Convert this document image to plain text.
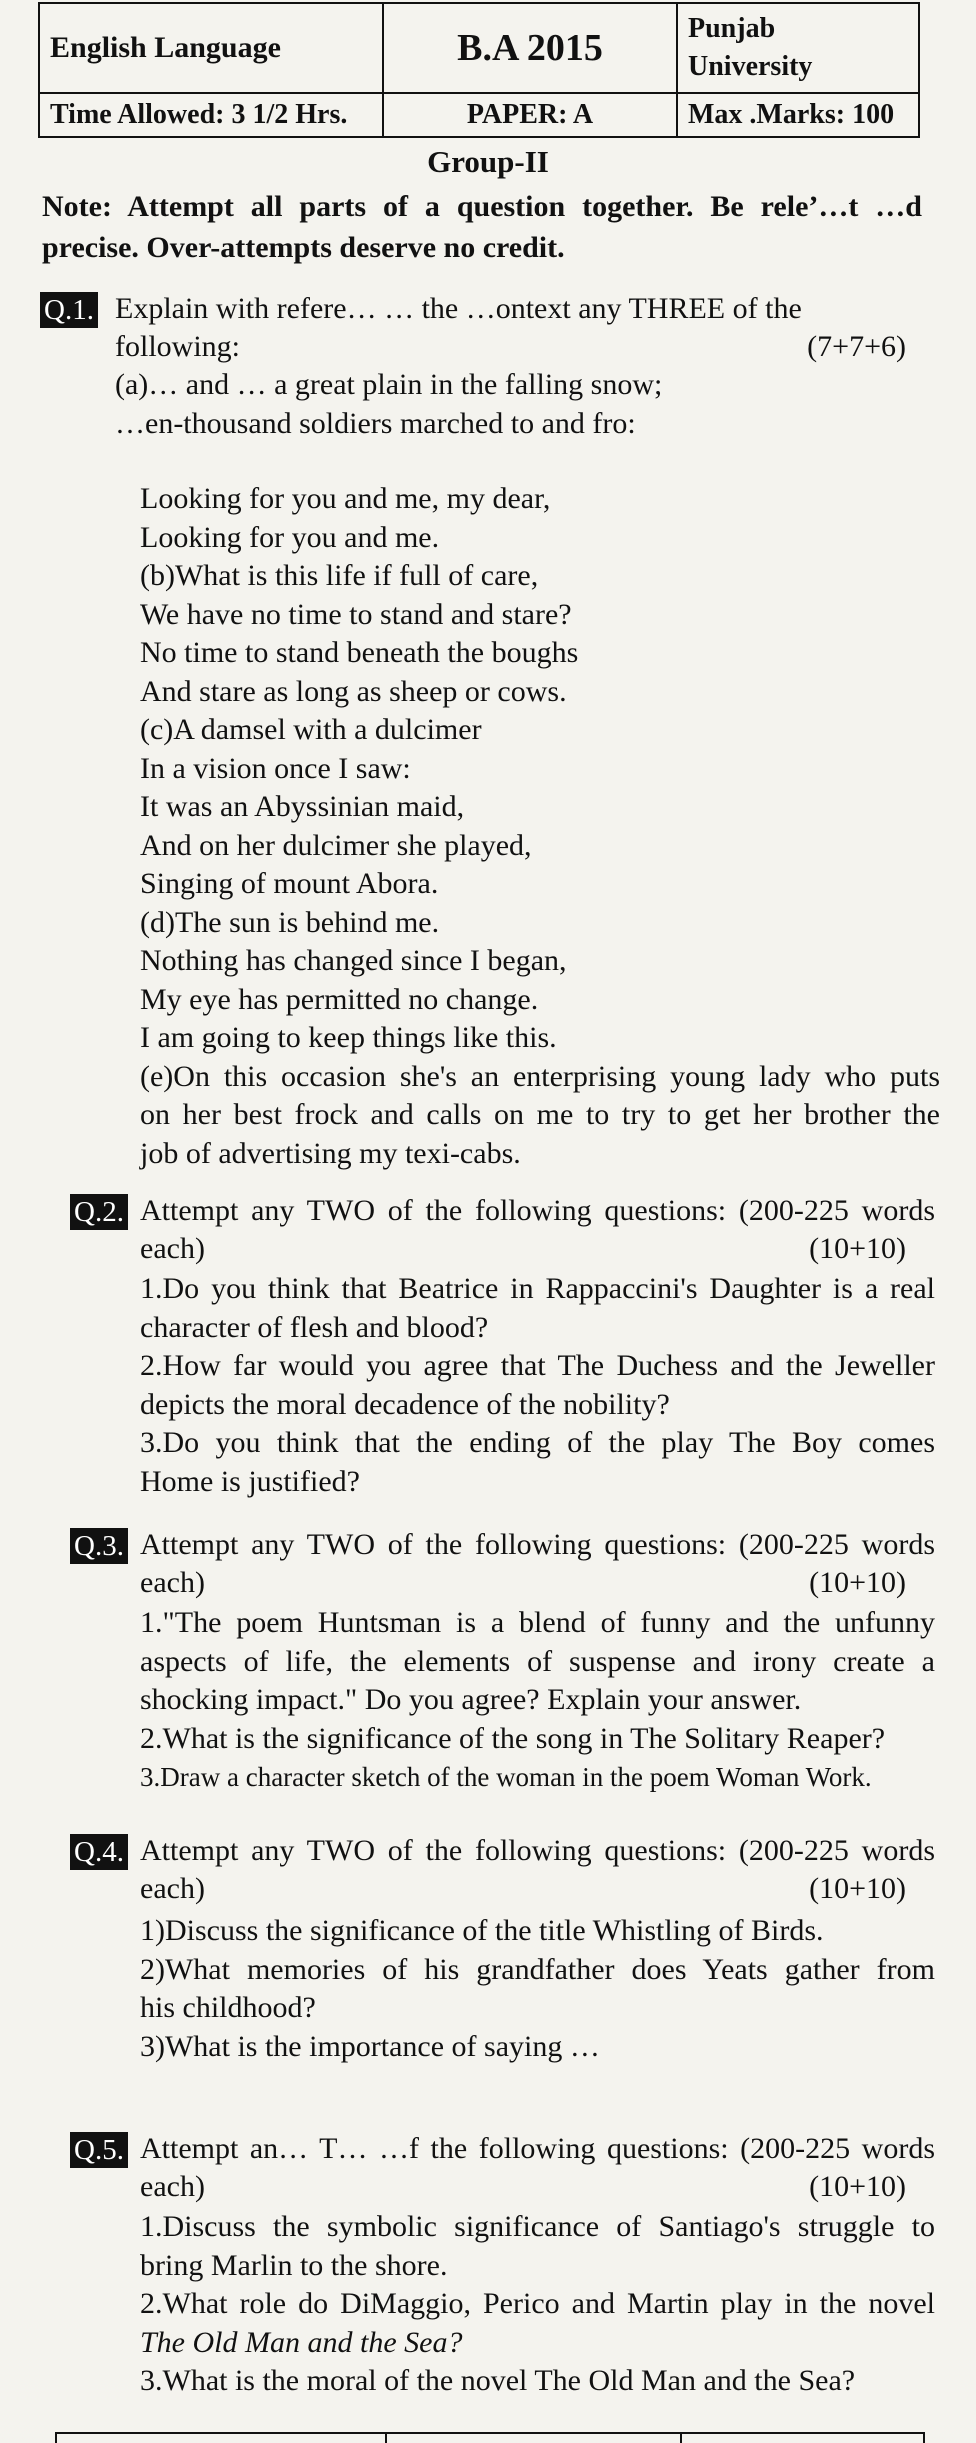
English Language	B.A 2015	Punjab
University

Time Allowed: 3 1/2 Hrs.	PAPER: A	Max .Marks: 100
Group-II
Note: Attempt all parts of a question together. Be rele’…t …d
precise. Over-attempts deserve no credit.
Q.1. Explain with refere… … the …ontext any THREE of the
following:	(7+7+6)
(a)… and … a great plain in the falling snow;
…en-thousand soldiers marched to and fro:
Looking for you and me, my dear,
Looking for you and me.
(b)What is this life if full of care,
We have no time to stand and stare?
No time to stand beneath the boughs
And stare as long as sheep or cows.
(c)A damsel with a dulcimer
In a vision once I saw:
It was an Abyssinian maid,
And on her dulcimer she played,
Singing of mount Abora.
(d)The sun is behind me.
Nothing has changed since I began,
My eye has permitted no change.
I am going to keep things like this.
(e)On this occasion she's an enterprising young lady who puts
on her best frock and calls on me to try to get her brother the
job of advertising my texi-cabs.
Q.2. Attempt any TWO of the following questions: (200-225 words
each)	(10+10)
1.Do you think that Beatrice in Rappaccini's Daughter is a real
character of flesh and blood?
2.How far would you agree that The Duchess and the Jeweller
depicts the moral decadence of the nobility?
3.Do you think that the ending of the play The Boy comes
Home is justified?
Q.3. Attempt any TWO of the following questions: (200-225 words
each)	(10+10)
1."The poem Huntsman is a blend of funny and the unfunny
aspects of life, the elements of suspense and irony create a
shocking impact." Do you agree? Explain your answer.
2.What is the significance of the song in The Solitary Reaper?
3.Draw a character sketch of the woman in the poem Woman Work.
Q.4. Attempt any TWO of the following questions: (200-225 words
each)	(10+10)
1)Discuss the significance of the title Whistling of Birds.
2)What memories of his grandfather does Yeats gather from
his childhood?
3)What is the importance of saying …
Q.5. Attempt an… T… …f the following questions: (200-225 words
each)	(10+10)
1.Discuss the symbolic significance of Santiago's struggle to
bring Marlin to the shore.
2.What role do DiMaggio, Perico and Martin play in the novel
The Old Man and the Sea?
3.What is the moral of the novel The Old Man and the Sea?
